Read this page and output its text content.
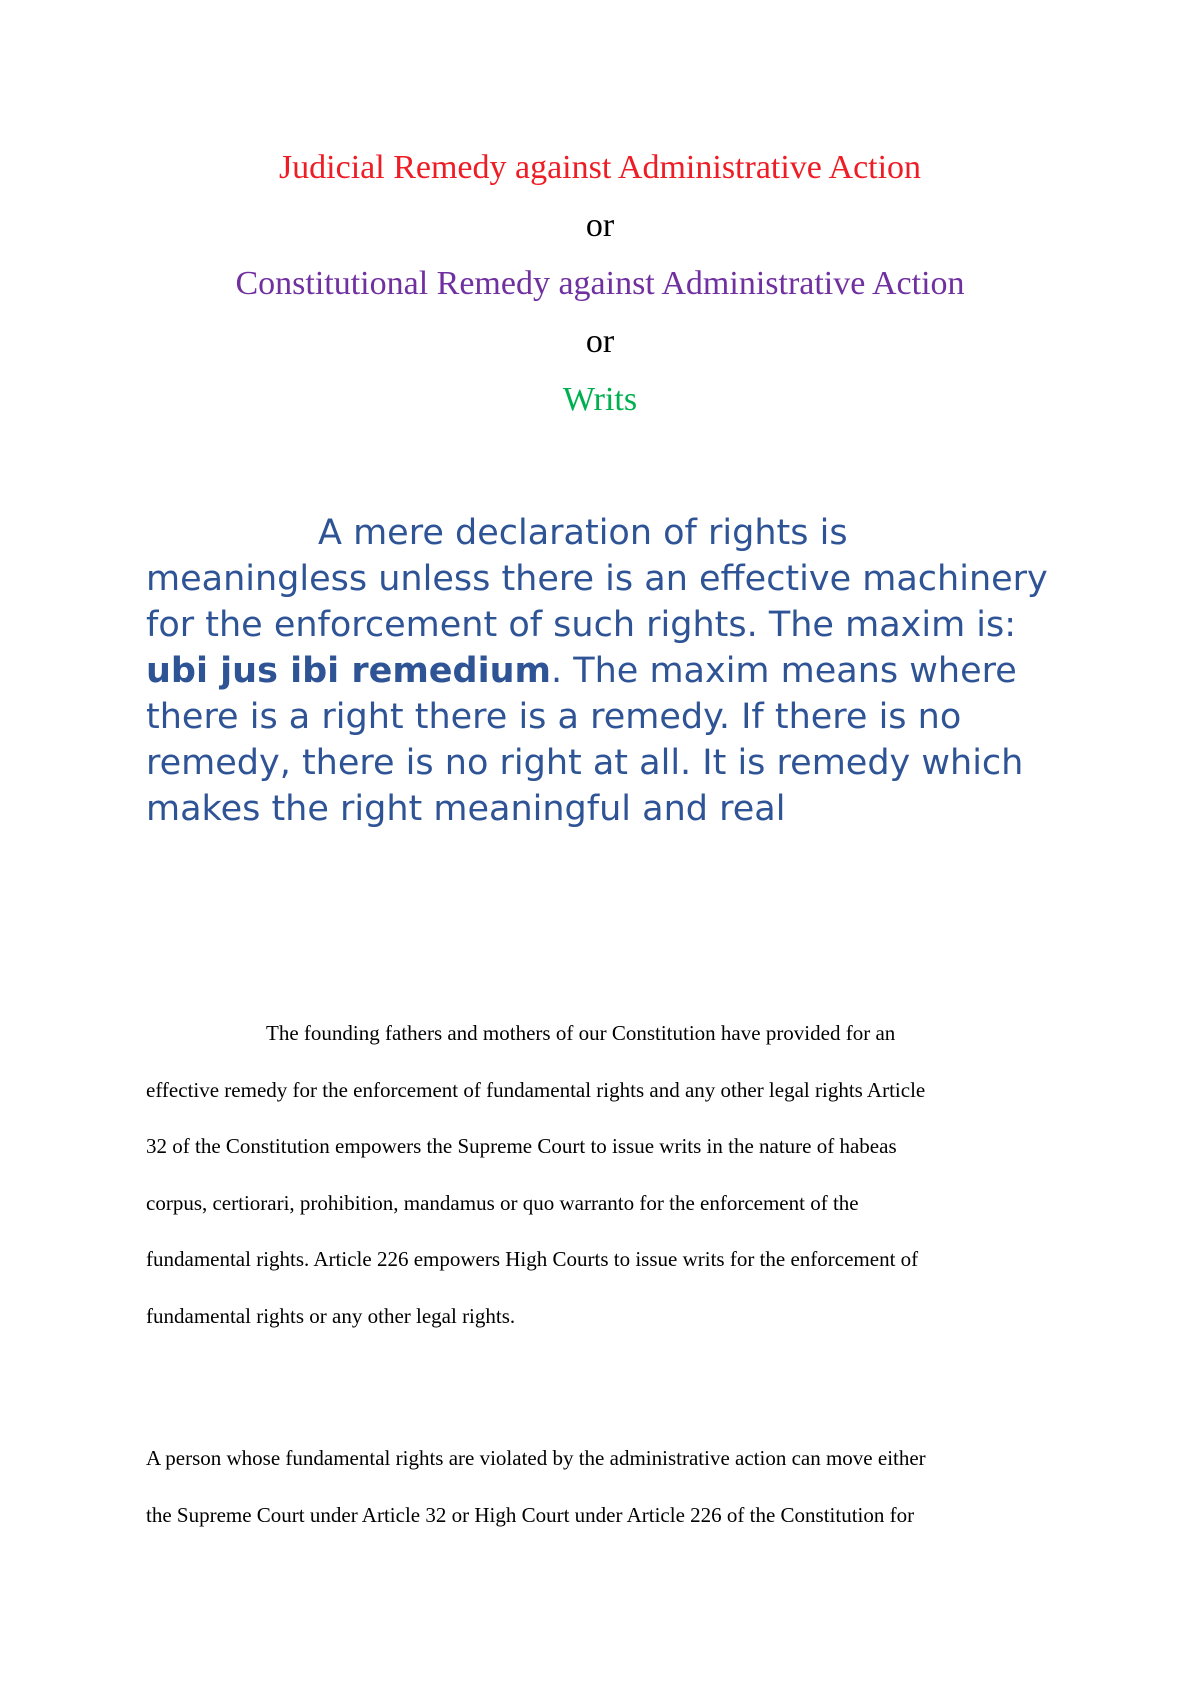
Judicial Remedy against Administrative Action
or
Constitutional Remedy against Administrative Action
or
Writs

A mere declaration of rights is meaningless unless there is an effective machinery for the enforcement of such rights. The maxim is: ubi jus ibi remedium. The maxim means where there is a right there is a remedy. If there is no remedy, there is no right at all. It is remedy which makes the right meaningful and real

The founding fathers and mothers of our Constitution have provided for an
effective remedy for the enforcement of fundamental rights and any other legal rights Article
32 of the Constitution empowers the Supreme Court to issue writs in the nature of habeas
corpus, certiorari, prohibition, mandamus or quo warranto for the enforcement of the
fundamental rights. Article 226 empowers High Courts to issue writs for the enforcement of
fundamental rights or any other legal rights.
A person whose fundamental rights are violated by the administrative action can move either
the Supreme Court under Article 32 or High Court under Article 226 of the Constitution for
